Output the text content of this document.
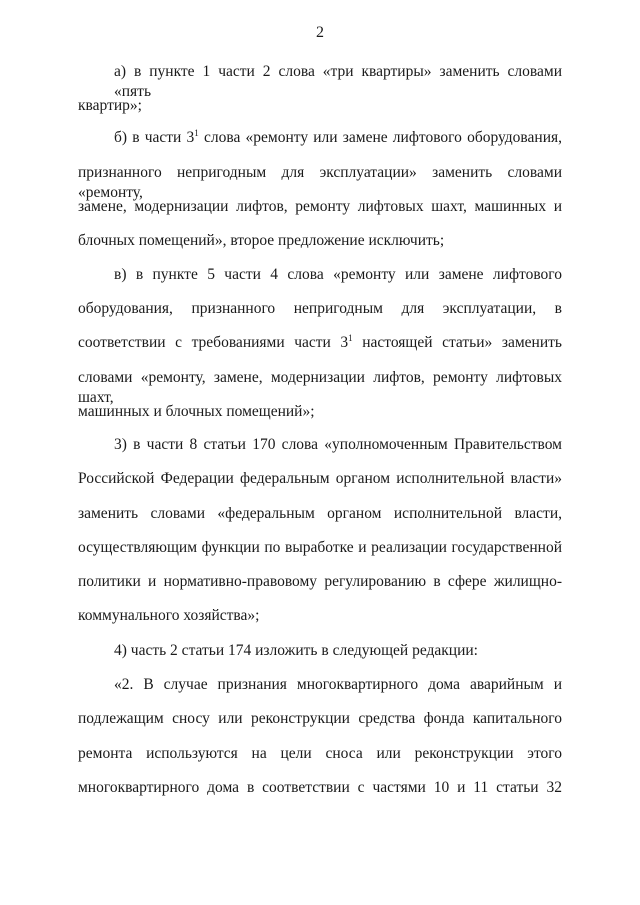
2
а) в пункте 1 части 2 слова «три квартиры» заменить словами «пять
квартир»;
б) в части $3^1$ слова «ремонту или замене лифтового оборудования,
признанного непригодным для эксплуатации» заменить словами «ремонту,
замене, модернизации лифтов, ремонту лифтовых шахт, машинных и
блочных помещений», второе предложение исключить;
в) в пункте 5 части 4 слова «ремонту или замене лифтового
оборудования, признанного непригодным для эксплуатации, в
соответствии с требованиями части $3^1$ настоящей статьи» заменить
словами «ремонту, замене, модернизации лифтов, ремонту лифтовых шахт,
машинных и блочных помещений»;
3) в части 8 статьи 170 слова «уполномоченным Правительством
Российской Федерации федеральным органом исполнительной власти»
заменить словами «федеральным органом исполнительной власти,
осуществляющим функции по выработке и реализации государственной
политики и нормативно-правовому регулированию в сфере жилищно-
коммунального хозяйства»;
4) часть 2 статьи 174 изложить в следующей редакции:
«2. В случае признания многоквартирного дома аварийным и
подлежащим сносу или реконструкции средства фонда капитального
ремонта используются на цели сноса или реконструкции этого
многоквартирного дома в соответствии с частями 10 и 11 статьи 32
